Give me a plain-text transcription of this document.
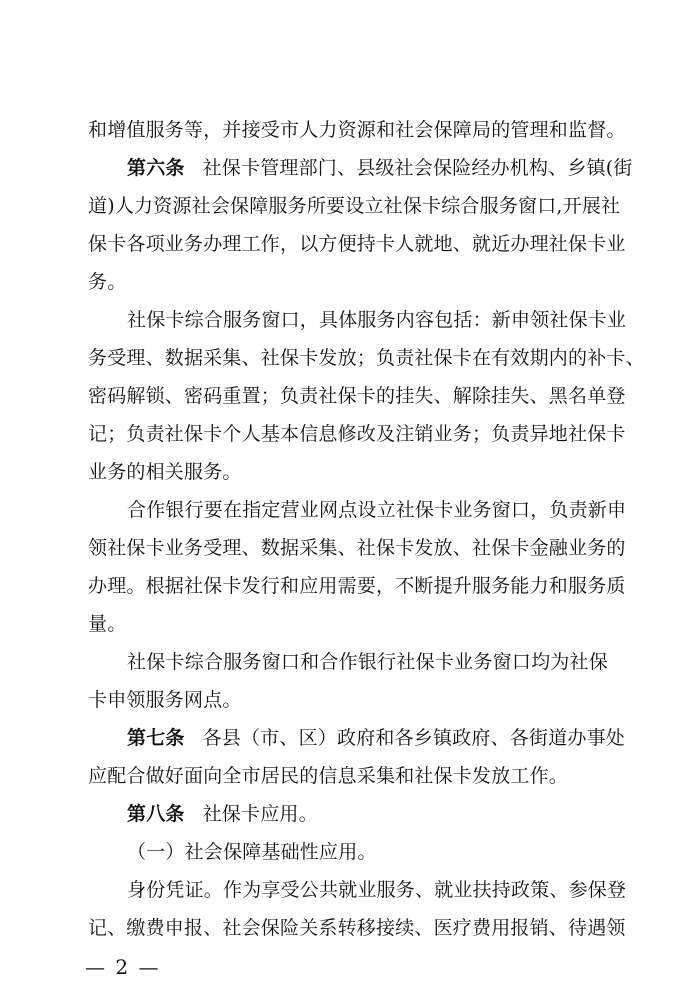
和增值服务等，并接受市人力资源和社会保障局的管理和监督。
第六条 社保卡管理部门、县级社会保险经办机构、乡镇(街
道)人力资源社会保障服务所要设立社保卡综合服务窗口,开展社
保卡各项业务办理工作，以方便持卡人就地、就近办理社保卡业
务。
社保卡综合服务窗口，具体服务内容包括：新申领社保卡业
务受理、数据采集、社保卡发放；负责社保卡在有效期内的补卡、
密码解锁、密码重置；负责社保卡的挂失、解除挂失、黑名单登
记；负责社保卡个人基本信息修改及注销业务；负责异地社保卡
业务的相关服务。
合作银行要在指定营业网点设立社保卡业务窗口，负责新申
领社保卡业务受理、数据采集、社保卡发放、社保卡金融业务的
办理。根据社保卡发行和应用需要，不断提升服务能力和服务质
量。
社保卡综合服务窗口和合作银行社保卡业务窗口均为社保
卡申领服务网点。
第七条 各县（市、区）政府和各乡镇政府、各街道办事处
应配合做好面向全市居民的信息采集和社保卡发放工作。
第八条 社保卡应用。
（一）社会保障基础性应用。
身份凭证。作为享受公共就业服务、就业扶持政策、参保登
记、缴费申报、社会保险关系转移接续、医疗费用报销、待遇领
— 2 —
